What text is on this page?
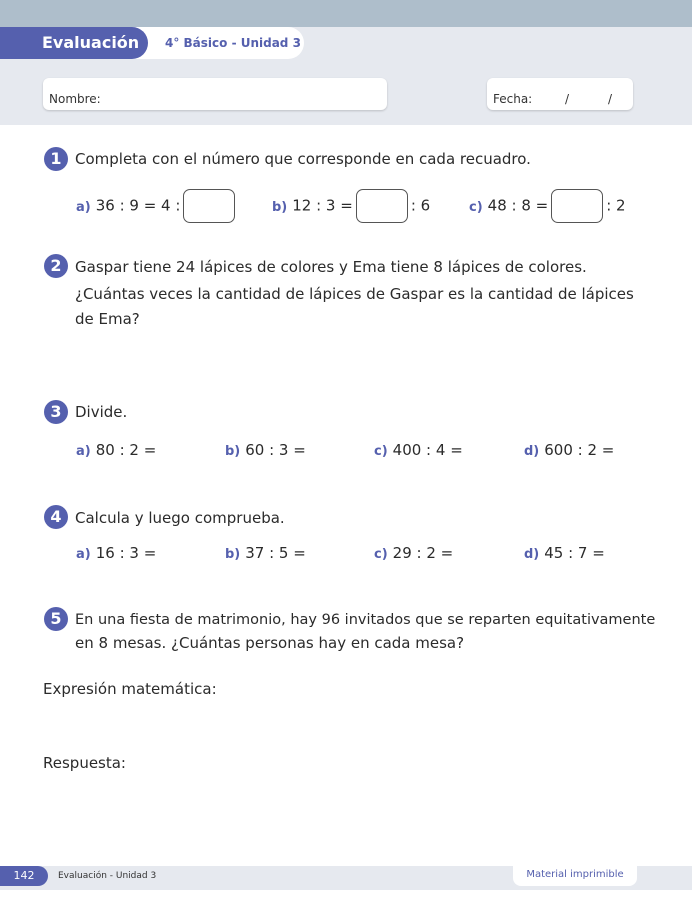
Evaluación	4° Básico - Unidad 3
Nombre:	Fecha:	/	/
1 Completa con el número que corresponde en cada recuadro.
a) 36 : 9 = 4 :	b) 12 : 3 =	: 6	c) 48 : 8 =	: 2
2 Gaspar tiene 24 lápices de colores y Ema tiene 8 lápices de colores.
¿Cuántas veces la cantidad de lápices de Gaspar es la cantidad de lápices
de Ema?
3 Divide.
a) 80 : 2 =	b) 60 : 3 =	c) 400 : 4 =	d) 600 : 2 =
4 Calcula y luego comprueba.
a) 16 : 3 =	b) 37 : 5 =	c) 29 : 2 =	d) 45 : 7 =
5 En una fiesta de matrimonio, hay 96 invitados que se reparten equitativamente
en 8 mesas. ¿Cuántas personas hay en cada mesa?
Expresión matemática:
Respuesta:
142	Evaluación - Unidad 3	Material imprimible
